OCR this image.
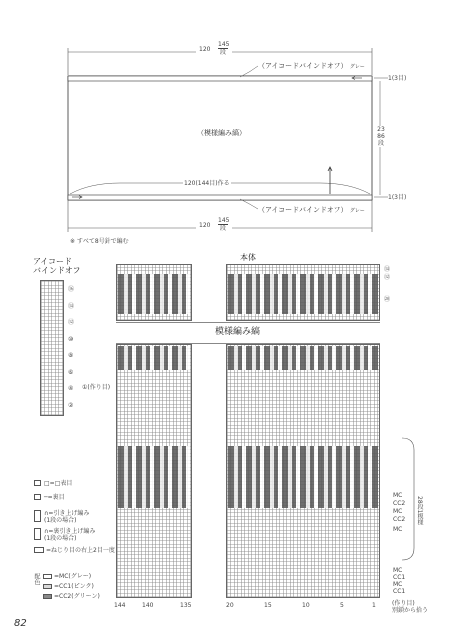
120
145
段
（アイコードバインドオフ） グレー
1(3目)
（模様編み縞）	23
86
段
120(144目)作る
（アイコードバインドオフ） グレー
1(3目)
120
145
段
※ すべて8号針で編む
アイコード
バインドオフ
⑯
⑭
⑫
⑩
⑧
⑥
④
②
①(作り目)
本体
模様編み縞
⑭
⑫
⑳
MC
CC2
MC
CC2
MC
MC
CC1
MC
CC1
28段1模様
(作り目)
別鎖から拾う
144	140	135	20	15	10	5	1
□=□表目
─=裏目
∩=引き上げ編み
(1段の場合)
∩=裏引き上げ編み
(1段の場合)
=ねじり目の右上2目一度
配色 =MC(グレー)
=CC1(ピンク)
=CC2(グリーン)
82
